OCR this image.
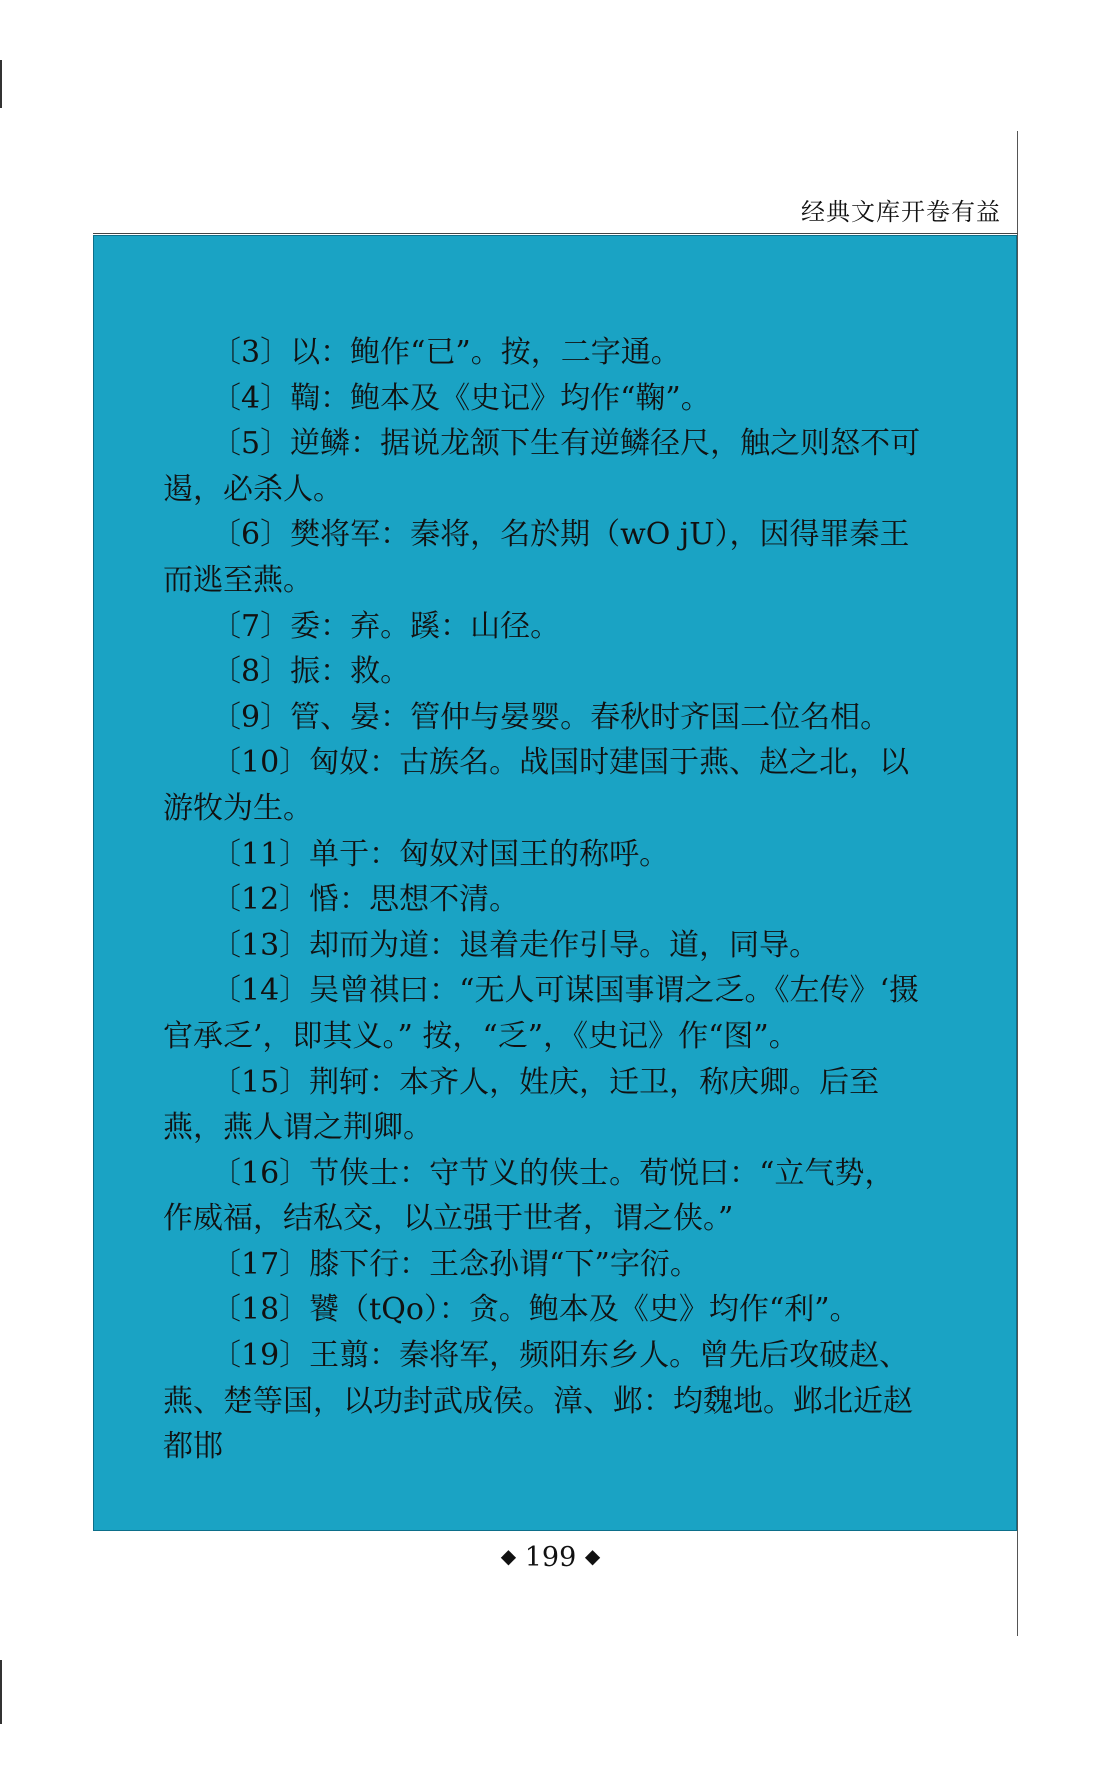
经典文库开卷有益

〔3〕以：鲍作“已”。按，二字通。

〔4〕鞫：鲍本及《史记》均作“鞠”。

〔5〕逆鳞：据说龙颔下生有逆鳞径尺，触之则怒不可遏，必杀人。

〔6〕樊将军：秦将，名於期（wO jU），因得罪秦王而逃至燕。

〔7〕委：弃。蹊：山径。

〔8〕振：救。

〔9〕管、晏：管仲与晏婴。春秋时齐国二位名相。

〔10〕匈奴：古族名。战国时建国于燕、赵之北，以游牧为生。

〔11〕单于：匈奴对国王的称呼。

〔12〕惛：思想不清。

〔13〕却而为道：退着走作引导。道，同导。

〔14〕吴曾祺曰：“无人可谋国事谓之乏。《左传》‘摄官承乏’，即其义。” 按，“乏”，《史记》作“图”。

〔15〕荆轲：本齐人，姓庆，迁卫，称庆卿。后至燕，燕人谓之荆卿。

〔16〕节侠士：守节义的侠士。荀悦曰：“立气势，作威福，结私交，以立强于世者，谓之侠。”

〔17〕膝下行：王念孙谓“下”字衍。

〔18〕饕（tQo）：贪。鲍本及《史》均作“利”。

〔19〕王翦：秦将军，频阳东乡人。曾先后攻破赵、燕、楚等国，以功封武成侯。漳、邺：均魏地。邺北近赵都邯

◆ 199 ◆
